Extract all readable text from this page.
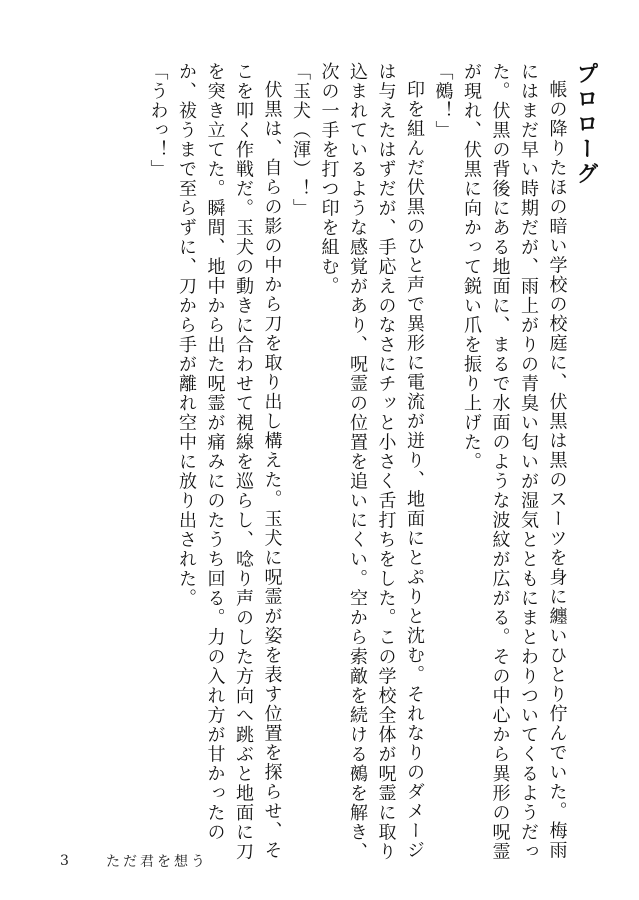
プロローグ

帳の降りたほの暗い学校の校庭に、伏黒は黒のスーツを身に纏いひとり佇んでいた。梅雨にはまだ早い時期だが、雨上がりの青臭い匂いが湿気とともにまとわりついてくるようだった。伏黒の背後にある地面に、まるで水面のような波紋が広がる。その中心から異形の呪霊が現れ、伏黒に向かって鋭い爪を振り上げた。

「鵺！」

印を組んだ伏黒のひと声で異形に電流が迸り、地面にとぷりと沈む。それなりのダメージは与えたはずだが、手応えのなさにチッと小さく舌打ちをした。この学校全体が呪霊に取り込まれているような感覚があり、呪霊の位置を追いにくい。空から索敵を続ける鵺を解き、次の一手を打つ印を組む。

「玉犬（渾）！」

伏黒は、自らの影の中から刀を取り出し構えた。玉犬に呪霊が姿を表す位置を探らせ、そこを叩く作戦だ。玉犬の動きに合わせて視線を巡らし、唸り声のした方向へ跳ぶと地面に刀を突き立てた。瞬間、地中から出た呪霊が痛みにのたうち回る。力の入れ方が甘かったのか、祓うまで至らずに、刀から手が離れ空中に放り出された。

「うわっ！」

3	ただ君を想う
